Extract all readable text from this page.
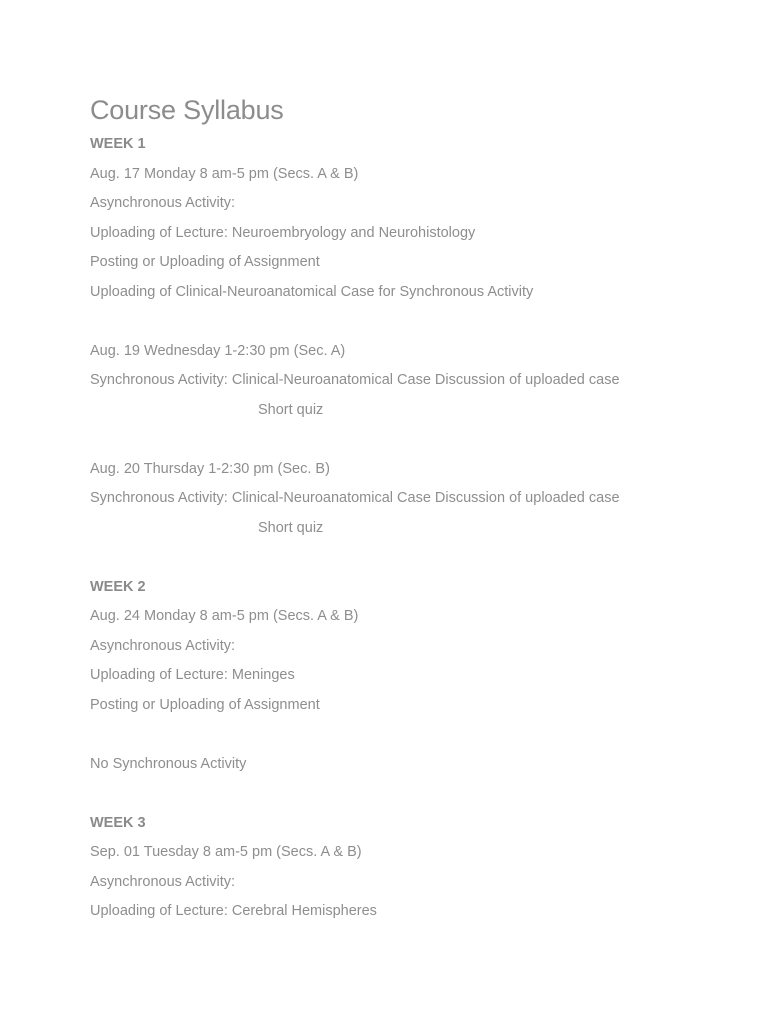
Course Syllabus
WEEK 1
Aug. 17 Monday 8 am-5 pm (Secs. A & B)
Asynchronous Activity:
Uploading of Lecture: Neuroembryology and Neurohistology
Posting or Uploading of Assignment
Uploading of Clinical-Neuroanatomical Case for Synchronous Activity
Aug. 19 Wednesday 1-2:30 pm (Sec. A)
Synchronous Activity: Clinical-Neuroanatomical Case Discussion of uploaded case
Short quiz
Aug. 20 Thursday 1-2:30 pm (Sec. B)
Synchronous Activity: Clinical-Neuroanatomical Case Discussion of uploaded case
Short quiz
WEEK 2
Aug. 24 Monday 8 am-5 pm (Secs. A & B)
Asynchronous Activity:
Uploading of Lecture: Meninges
Posting or Uploading of Assignment
No Synchronous Activity
WEEK 3
Sep. 01 Tuesday 8 am-5 pm (Secs. A & B)
Asynchronous Activity:
Uploading of Lecture: Cerebral Hemispheres
